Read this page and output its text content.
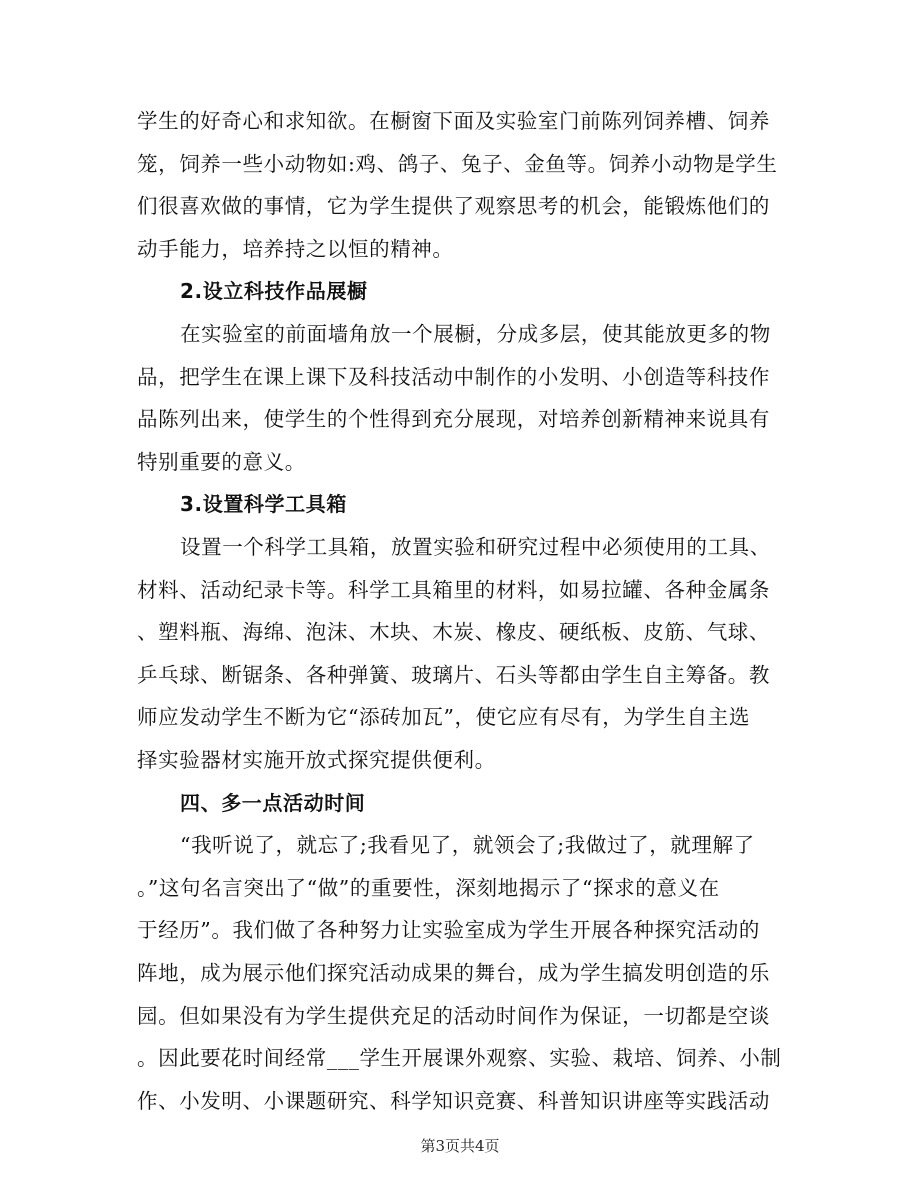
学生的好奇心和求知欲。在橱窗下面及实验室门前陈列饲养槽、饲养
笼，饲养一些小动物如:鸡、鸽子、兔子、金鱼等。饲养小动物是学生
们很喜欢做的事情，它为学生提供了观察思考的机会，能锻炼他们的
动手能力，培养持之以恒的精神。
2.设立科技作品展橱
在实验室的前面墙角放一个展橱，分成多层，使其能放更多的物
品，把学生在课上课下及科技活动中制作的小发明、小创造等科技作
品陈列出来，使学生的个性得到充分展现，对培养创新精神来说具有
特别重要的意义。
3.设置科学工具箱
设置一个科学工具箱，放置实验和研究过程中必须使用的工具、
材料、活动纪录卡等。科学工具箱里的材料，如易拉罐、各种金属条
、塑料瓶、海绵、泡沫、木块、木炭、橡皮、硬纸板、皮筋、气球、
乒乓球、断锯条、各种弹簧、玻璃片、石头等都由学生自主筹备。教
师应发动学生不断为它“添砖加瓦”，使它应有尽有，为学生自主选
择实验器材实施开放式探究提供便利。
四、多一点活动时间
“我听说了，就忘了;我看见了，就领会了;我做过了，就理解了
。”这句名言突出了“做”的重要性，深刻地揭示了“探求的意义在
于经历”。我们做了各种努力让实验室成为学生开展各种探究活动的
阵地，成为展示他们探究活动成果的舞台，成为学生搞发明创造的乐
园。但如果没有为学生提供充足的活动时间作为保证，一切都是空谈
。因此要花时间经常___学生开展课外观察、实验、栽培、饲养、小制
作、小发明、小课题研究、科学知识竞赛、科普知识讲座等实践活动
第3页共4页
